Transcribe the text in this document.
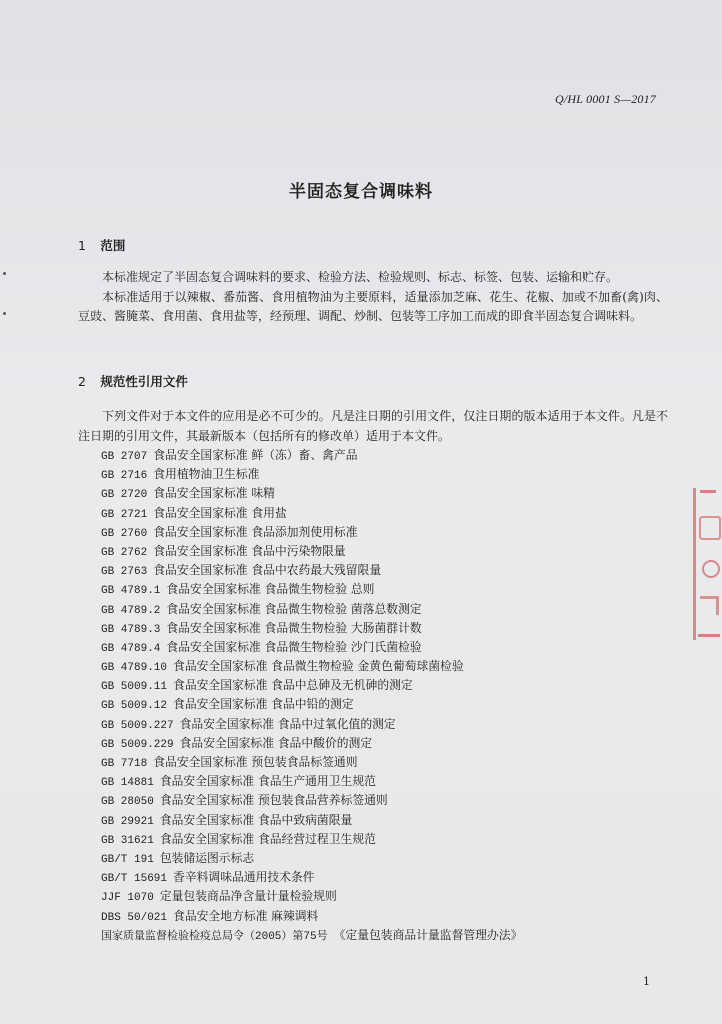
Q/HL 0001 S—2017
半固态复合调味料
1 范围

本标准规定了半固态复合调味料的要求、检验方法、检验规则、标志、标签、包装、运输和贮存。

本标准适用于以辣椒、番茄酱、食用植物油为主要原料，适量添加芝麻、花生、花椒、加或不加畜(禽)肉、豆豉、酱腌菜、食用菌、食用盐等，经预理、调配、炒制、包装等工序加工而成的即食半固态复合调味料。

2 规范性引用文件

下列文件对于本文件的应用是必不可少的。凡是注日期的引用文件，仅注日期的版本适用于本文件。凡是不注日期的引用文件，其最新版本（包括所有的修改单）适用于本文件。

GB 2707 食品安全国家标准 鲜（冻）畜、禽产品
GB 2716 食用植物油卫生标准
GB 2720 食品安全国家标准 味精
GB 2721 食品安全国家标准 食用盐
GB 2760 食品安全国家标准 食品添加剂使用标准
GB 2762 食品安全国家标准 食品中污染物限量
GB 2763 食品安全国家标准 食品中农药最大残留限量
GB 4789.1 食品安全国家标准 食品微生物检验 总则
GB 4789.2 食品安全国家标准 食品微生物检验 菌落总数测定
GB 4789.3 食品安全国家标准 食品微生物检验 大肠菌群计数
GB 4789.4 食品安全国家标准 食品微生物检验 沙门氏菌检验
GB 4789.10 食品安全国家标准 食品微生物检验 金黄色葡萄球菌检验
GB 5009.11 食品安全国家标准 食品中总砷及无机砷的测定
GB 5009.12 食品安全国家标准 食品中铅的测定
GB 5009.227 食品安全国家标准 食品中过氧化值的测定
GB 5009.229 食品安全国家标准 食品中酸价的测定
GB 7718 食品安全国家标准 预包装食品标签通则
GB 14881 食品安全国家标准 食品生产通用卫生规范
GB 28050 食品安全国家标准 预包装食品营养标签通则
GB 29921 食品安全国家标准 食品中致病菌限量
GB 31621 食品安全国家标准 食品经营过程卫生规范
GB/T 191 包装储运图示标志
GB/T 15691 香辛料调味品通用技术条件
JJF 1070 定量包装商品净含量计量检验规则
DBS 50/021 食品安全地方标准 麻辣调料
国家质量监督检验检疫总局令（2005）第75号 《定量包装商品计量监督管理办法》
1
